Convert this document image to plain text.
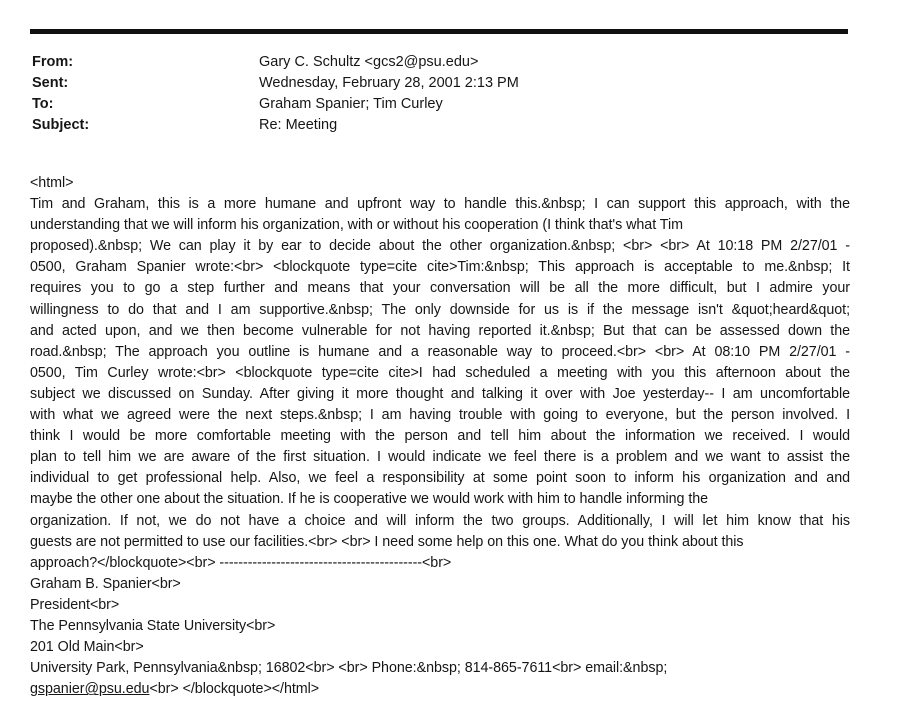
From:	Gary C. Schultz <gcs2@psu.edu>
Sent:	Wednesday, February 28, 2001 2:13 PM
To:	Graham Spanier; Tim Curley
Subject:	Re: Meeting
<html>
Tim and Graham, this is a more humane and upfront way to handle this.&nbsp; I can support this approach, with the
understanding that we will inform his organization, with or without his cooperation (I think that's what Tim
proposed).&nbsp; We can play it by ear to decide about the other organization.&nbsp; <br> <br> At 10:18 PM 2/27/01 -
0500, Graham Spanier wrote:<br> <blockquote type=cite cite>Tim:&nbsp; This approach is acceptable to me.&nbsp; It
requires you to go a step further and means that your conversation will be all the more difficult, but I admire your
willingness to do that and I am supportive.&nbsp; The only downside for us is if the message isn't &quot;heard&quot;
and acted upon, and we then become vulnerable for not having reported it.&nbsp; But that can be assessed down the
road.&nbsp; The approach you outline is humane and a reasonable way to proceed.<br> <br> At 08:10 PM 2/27/01 -
0500, Tim Curley wrote:<br> <blockquote type=cite cite>I had scheduled a meeting with you this afternoon about the
subject we discussed on Sunday. After giving it more thought and talking it over with Joe yesterday-- I am uncomfortable
with what we agreed were the next steps.&nbsp; I am having trouble with going to everyone, but the person involved. I
think I would be more comfortable meeting with the person and tell him about the information we received. I would
plan to tell him we are aware of the first situation. I would indicate we feel there is a problem and we want to assist the
individual to get professional help. Also, we feel a responsibility at some point soon to inform his organization and and
maybe the other one about the situation. If he is cooperative we would work with him to handle informing the
organization. If not, we do not have a choice and will inform the two groups. Additionally, I will let him know that his
guests are not permitted to use our facilities.<br> <br> I need some help on this one. What do you think about this
approach?</blockquote><br> -------------------------------------------<br>
Graham B. Spanier<br>
President<br>
The Pennsylvania State University<br>
201 Old Main<br>
University Park, Pennsylvania&nbsp; 16802<br> <br> Phone:&nbsp; 814-865-7611<br> email:&nbsp;
gspanier@psu.edu<br> </blockquote></html>
